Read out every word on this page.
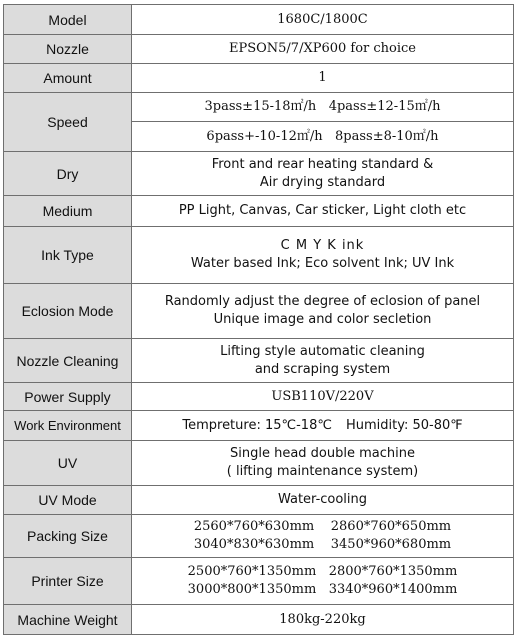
Model	1680C/1800C
Nozzle	EPSON5/7/XP600 for choice
Amount	1
Speed	3pass±15-18㎡/h   4pass±12-15㎡/h
	6pass+-10-12㎡/h   8pass±8-10㎡/h
Dry	Front and rear heating standard &
Air drying standard

Medium	PP Light, Canvas, Car sticker, Light cloth etc
Ink Type	C M Y K ink
Water based Ink; Eco solvent Ink; UV Ink

Eclosion Mode	Randomly adjust the degree of eclosion of panel
Unique image and color secletion

Nozzle Cleaning	Lifting style automatic cleaning
and scraping system

Power Supply	USB110V/220V
Work Environment	Tempreture: 15℃-18℃ Humidity: 50-80℉
UV	Single head double machine
( lifting maintenance system)

UV Mode	Water-cooling
Packing Size	2560*760*630mm    2860*760*650mm
3040*830*630mm    3450*960*680mm

Printer Size	2500*760*1350mm   2800*760*1350mm
3000*800*1350mm   3340*960*1400mm

Machine Weight	180kg-220kg
